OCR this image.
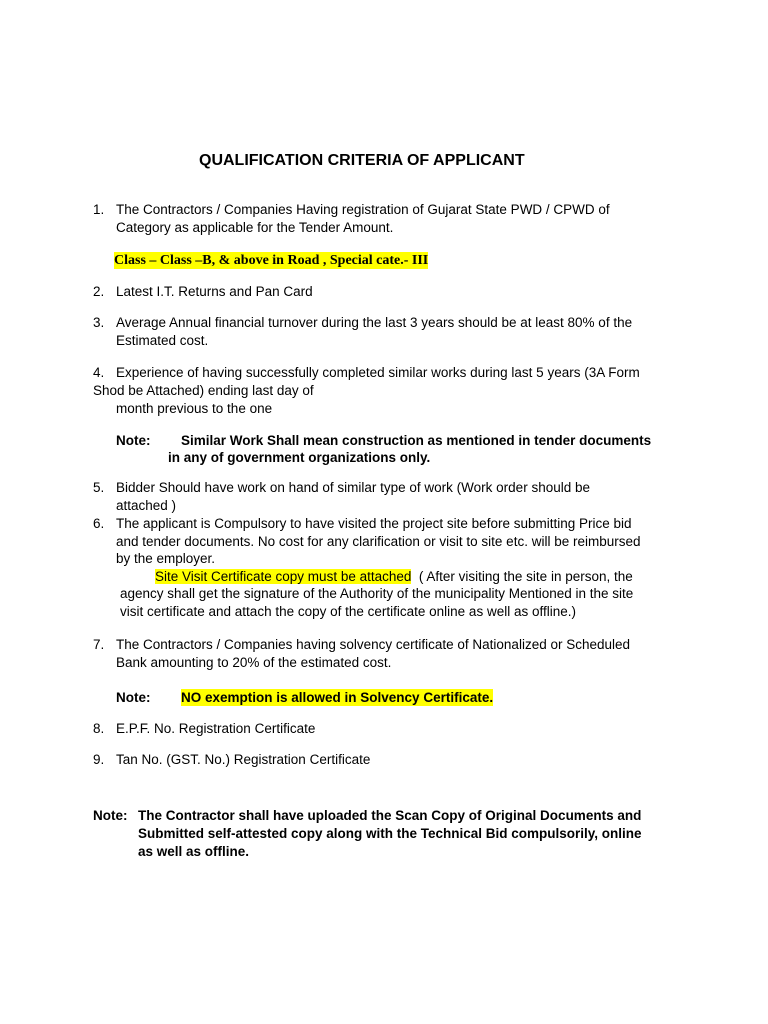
QUALIFICATION CRITERIA OF APPLICANT
1. The Contractors / Companies Having registration of Gujarat State PWD / CPWD of
Category as applicable for the Tender Amount.
Class – Class –B, & above in Road , Special cate.- III
2. Latest I.T. Returns and Pan Card
3. Average Annual financial turnover during the last 3 years should be at least 80% of the
Estimated cost.
4. Experience of having successfully completed similar works during last 5 years (3A Form
Shod be Attached) ending last day of
month previous to the one
Note: Similar Work Shall mean construction as mentioned in tender documents
in any of government organizations only.
5. Bidder Should have work on hand of similar type of work (Work order should be
attached )
6. The applicant is Compulsory to have visited the project site before submitting Price bid
and tender documents. No cost for any clarification or visit to site etc. will be reimbursed
by the employer.
Site Visit Certificate copy must be attached ( After visiting the site in person, the
agency shall get the signature of the Authority of the municipality Mentioned in the site
visit certificate and attach the copy of the certificate online as well as offline.)
7. The Contractors / Companies having solvency certificate of Nationalized or Scheduled
Bank amounting to 20% of the estimated cost.
Note: NO exemption is allowed in Solvency Certificate.
8. E.P.F. No. Registration Certificate
9. Tan No. (GST. No.) Registration Certificate
Note: The Contractor shall have uploaded the Scan Copy of Original Documents and
Submitted self-attested copy along with the Technical Bid compulsorily, online
as well as offline.
